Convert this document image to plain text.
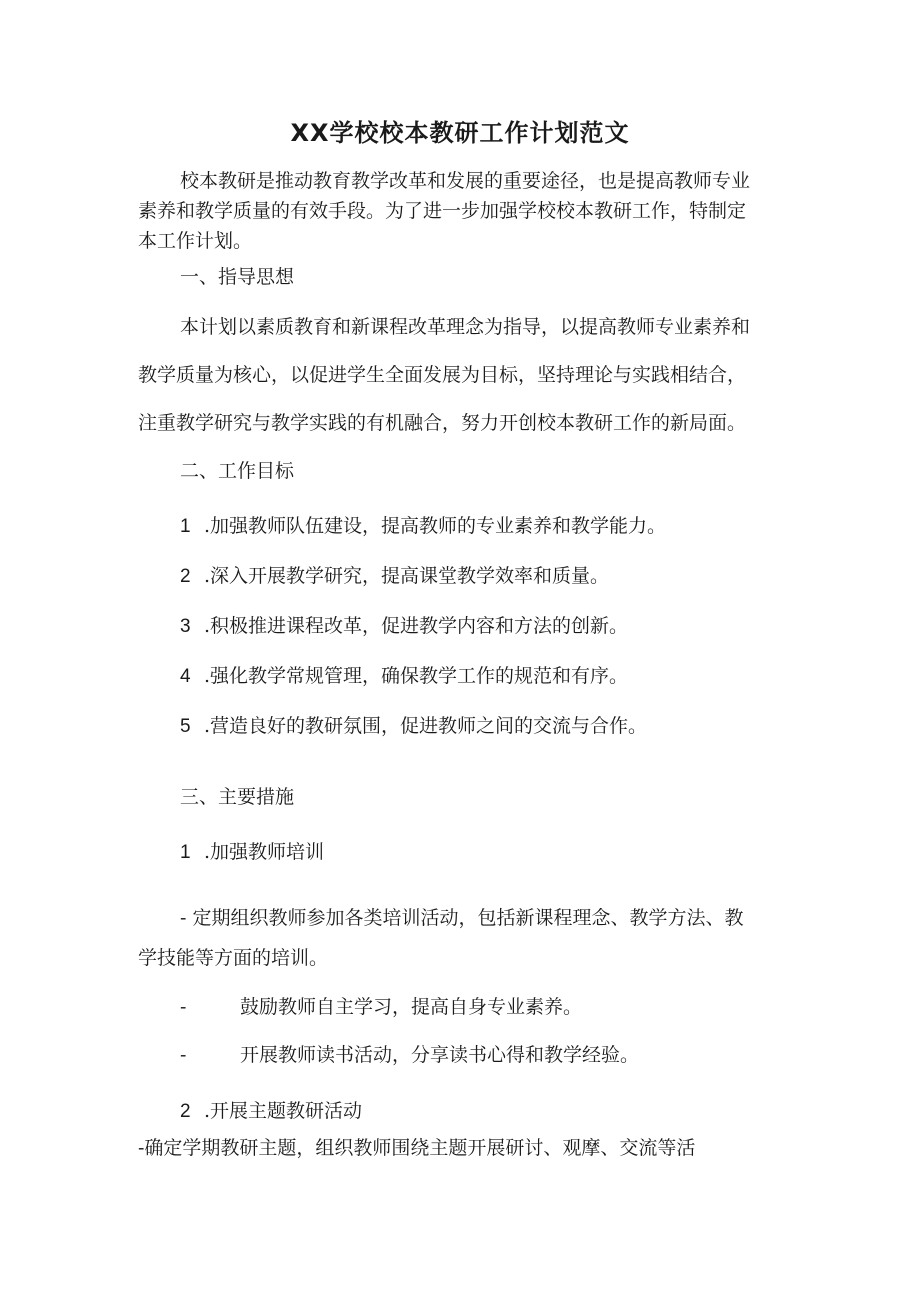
XX学校校本教研工作计划范文

校本教研是推动教育教学改革和发展的重要途径，也是提高教师专业

素养和教学质量的有效手段。为了进一步加强学校校本教研工作，特制定

本工作计划。

一、指导思想

本计划以素质教育和新课程改革理念为指导，以提高教师专业素养和

教学质量为核心，以促进学生全面发展为目标，坚持理论与实践相结合，

注重教学研究与教学实践的有机融合，努力开创校本教研工作的新局面。

二、工作目标

1 .加强教师队伍建设，提高教师的专业素养和教学能力。

2 .深入开展教学研究，提高课堂教学效率和质量。

3 .积极推进课程改革，促进教学内容和方法的创新。

4 .强化教学常规管理，确保教学工作的规范和有序。

5 .营造良好的教研氛围，促进教师之间的交流与合作。

三、主要措施

1 .加强教师培训

- 定期组织教师参加各类培训活动，包括新课程理念、教学方法、教

学技能等方面的培训。

-	鼓励教师自主学习，提高自身专业素养。

-	开展教师读书活动，分享读书心得和教学经验。

2 .开展主题教研活动

-确定学期教研主题，组织教师围绕主题开展研讨、观摩、交流等活
